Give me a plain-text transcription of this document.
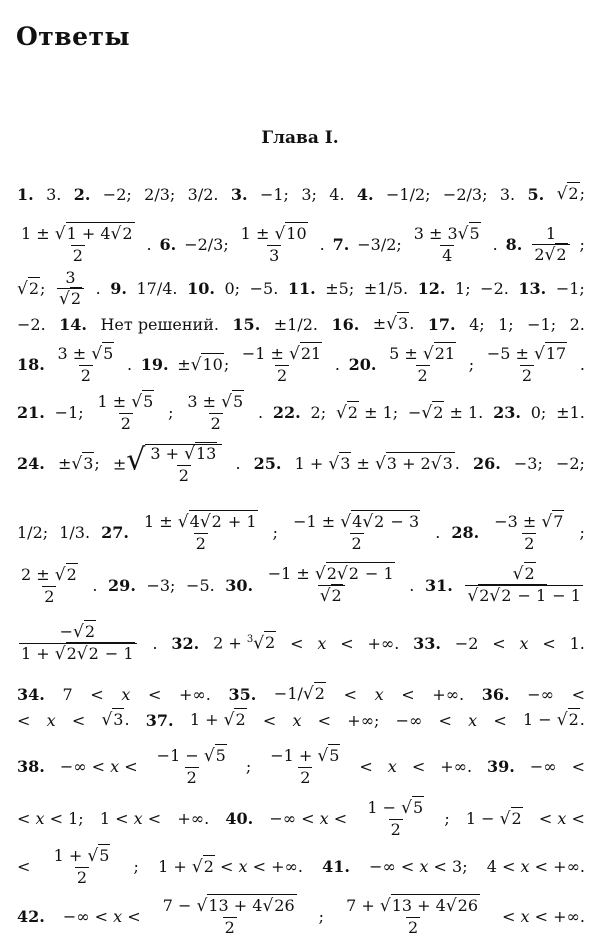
Ответы
Глава I.
1. 3. 2. −2; 2/3; 3/2. 3. −1; 3; 4. 4. −1/2; −2/3; 3. 5. √2;
$\frac{1 \pm √1 + 4√2}{2}$ . 6. −2/3; $\frac{1 \pm √10}{3}$ . 7. −3/2; $\frac{3 \pm 3√5}{4}$ . 8. $\frac{1}{2√2}$ ;
√2; $\frac{3}{√2}$ . 9. 17/4. 10. 0; −5. 11. ±5; ±1/5. 12. 1; −2. 13. −1;
−2. 14. Нет решений. 15. ±1/2. 16. ±√3. 17. 4; 1; −1; 2.
18. $\frac{3 \pm √5}{2}$ . 19. ±√10; $\frac{-1 \pm √21}{2}$ . 20. $\frac{5 \pm √21}{2}$ ; $\frac{-5 \pm √17}{2}$ .
21. −1; $\frac{1 \pm √5}{2}$ ; $\frac{3 \pm √5}{2}$ . 22. 2; √2 ± 1; −√2 ± 1. 23. 0; ±1.
24. ±√3; ±√ $\frac{3 + √13}{2}$ . 25. 1 + √3 ± √3 + 2√3 . 26. −3; −2;
1/2; 1/3. 27. $\frac{1 \pm √4√2 + 1}{2}$ ; $\frac{-1 \pm √4√2 - 3}{2}$ . 28. $\frac{-3 \pm √7}{2}$ ;
$\frac{2 \pm √2}{2}$ . 29. −3; −5. 30. $\frac{-1 \pm √2√2 - 1}{√2}$ . 31. $\frac{√2}{√2√2 - 1 - 1}$
$\frac{-√2}{1 + √2√2 - 1}$ . 32. 2 + $^3$√2 < x < +∞. 33. −2 < x < 1.
34. 7 < x < +∞. 35. −1/√2 < x < +∞. 36. −∞ <
< x < √3. 37. 1 + √2 < x < +∞; −∞ < x < 1 − √2.
38. −∞ < $x < \frac{-1 - √5}{2}$ ; $\frac{-1 + √5}{2} < x$ < +∞. 39. −∞ <
< x < 1; 1 < x < +∞. 40. −∞ < $x < \frac{1 - √5}{2}$ ; 1 − √2 < x <
< $\frac{1 + √5}{2}$ ; 1 + √2 < x < +∞. 41. −∞ < x < 3; 4 < x < +∞.
42. −∞ < $x < \frac{7 - √13 + 4√26}{2}$ ; $\frac{7 + √13 + 4√26}{2} < x$ < +∞.
